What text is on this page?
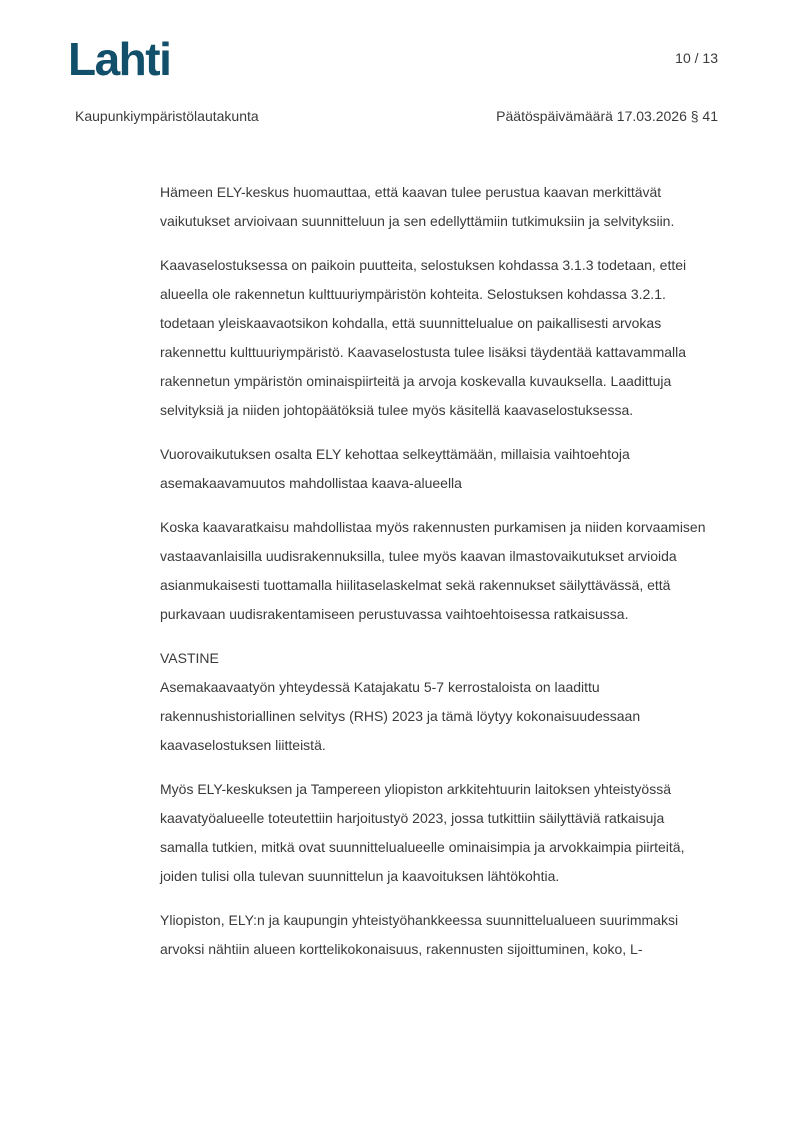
Lahti	10 / 13
Kaupunkiympäristölautakunta	Päätöspäivämäärä 17.03.2026 § 41

Hämeen ELY-keskus huomauttaa, että kaavan tulee perustua kaavan merkittävät vaikutukset arvioivaan suunnitteluun ja sen edellyttämiin tutkimuksiin ja selvityksiin.

Kaavaselostuksessa on paikoin puutteita, selostuksen kohdassa 3.1.3 todetaan, ettei alueella ole rakennetun kulttuuriympäristön kohteita. Selostuksen kohdassa 3.2.1. todetaan yleiskaavaotsikon kohdalla, että suunnittelualue on paikallisesti arvokas rakennettu kulttuuriympäristö. Kaavaselostusta tulee lisäksi täydentää kattavammalla rakennetun ympäristön ominaispiirteitä ja arvoja koskevalla kuvauksella. Laadittuja selvityksiä ja niiden johtopäätöksiä tulee myös käsitellä kaavaselostuksessa.

Vuorovaikutuksen osalta ELY kehottaa selkeyttämään, millaisia vaihtoehtoja asemakaavamuutos mahdollistaa kaava-alueella

Koska kaavaratkaisu mahdollistaa myös rakennusten purkamisen ja niiden korvaamisen vastaavanlaisilla uudisrakennuksilla, tulee myös kaavan ilmastovaikutukset arvioida asianmukaisesti tuottamalla hiilitaselaskelmat sekä rakennukset säilyttävässä, että purkavaan uudisrakentamiseen perustuvassa vaihtoehtoisessa ratkaisussa.

VASTINE

Asemakaavaatyön yhteydessä Katajakatu 5-7 kerrostaloista on laadittu rakennushistoriallinen selvitys (RHS) 2023 ja tämä löytyy kokonaisuudessaan kaavaselostuksen liitteistä.

Myös ELY-keskuksen ja Tampereen yliopiston arkkitehtuurin laitoksen yhteistyössä kaavatyöalueelle toteutettiin harjoitustyö 2023, jossa tutkittiin säilyttäviä ratkaisuja samalla tutkien, mitkä ovat suunnittelualueelle ominaisimpia ja arvokkaimpia piirteitä, joiden tulisi olla tulevan suunnittelun ja kaavoituksen lähtökohtia.

Yliopiston, ELY:n ja kaupungin yhteistyöhankkeessa suunnittelualueen suurimmaksi arvoksi nähtiin alueen korttelikokonaisuus, rakennusten sijoittuminen, koko, L-
